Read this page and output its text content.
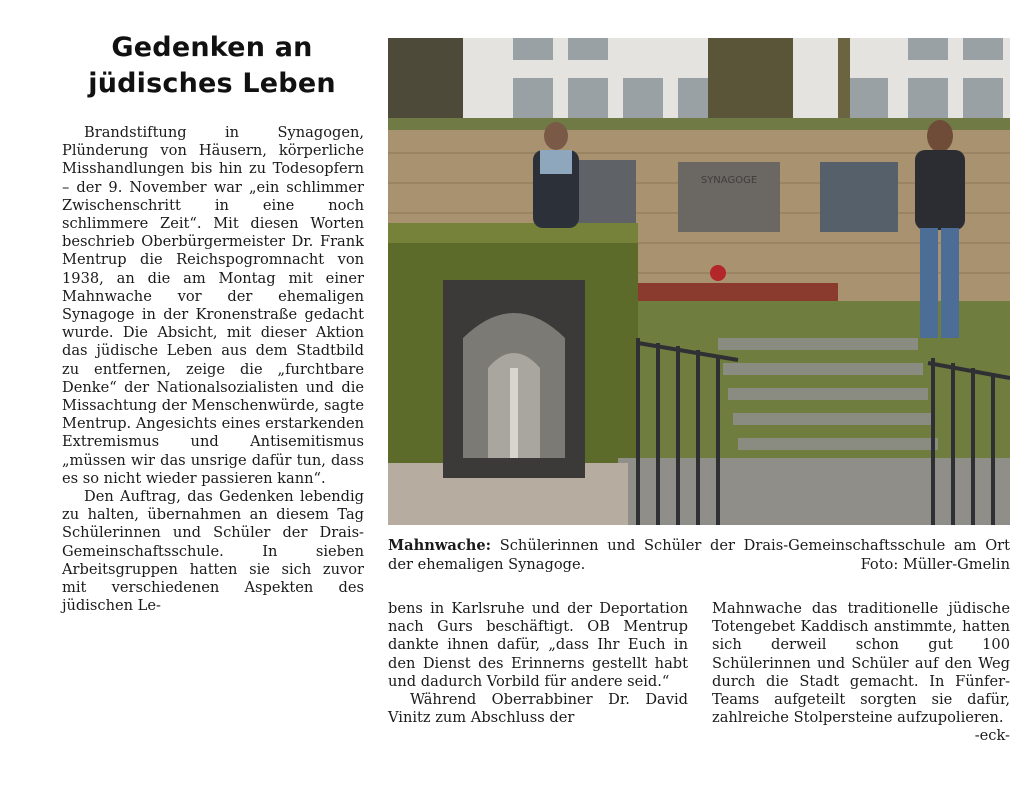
Gedenken an jüdisches Leben

Brandstiftung in Synagogen, Plünderung von Häusern, körperliche Misshandlungen bis hin zu Todesopfern – der 9. November war „ein schlimmer Zwischenschritt in eine noch schlimmere Zeit“. Mit diesen Worten beschrieb Oberbürgermeister Dr. Frank Mentrup die Reichspogromnacht von 1938, an die am Montag mit einer Mahnwache vor der ehemaligen Synagoge in der Kronenstraße gedacht wurde. Die Absicht, mit dieser Aktion das jüdische Leben aus dem Stadtbild zu entfernen, zeige die „furchtbare Denke“ der Nationalsozialisten und die Missachtung der Menschenwürde, sagte Mentrup. Angesichts eines erstarkenden Extremismus und Antisemitismus „müssen wir das unsrige dafür tun, dass es so nicht wieder passieren kann“.

Den Auftrag, das Gedenken lebendig zu halten, übernahmen an diesem Tag Schülerinnen und Schüler der Drais-Gemeinschaftsschule. In sieben Arbeitsgruppen hatten sie sich zuvor mit verschiedenen Aspekten des jüdischen Le-

SYNAGOGE
Mahnwache: Schülerinnen und Schüler der Drais-Gemeinschaftsschule am Ort der ehemaligen Synagoge.	Foto: Müller-Gmelin

bens in Karlsruhe und der Deportation nach Gurs beschäftigt. OB Mentrup dankte ihnen dafür, „dass Ihr Euch in den Dienst des Erinnerns gestellt habt und dadurch Vorbild für andere seid.“

Während Oberrabbiner Dr. David Vinitz zum Abschluss der

Mahnwache das traditionelle jüdische Totengebet Kaddisch anstimmte, hatten sich derweil schon gut 100 Schülerinnen und Schüler auf den Weg durch die Stadt gemacht. In Fünfer-Teams aufgeteilt sorgten sie dafür, zahlreiche Stolpersteine aufzupolieren.
-eck-
